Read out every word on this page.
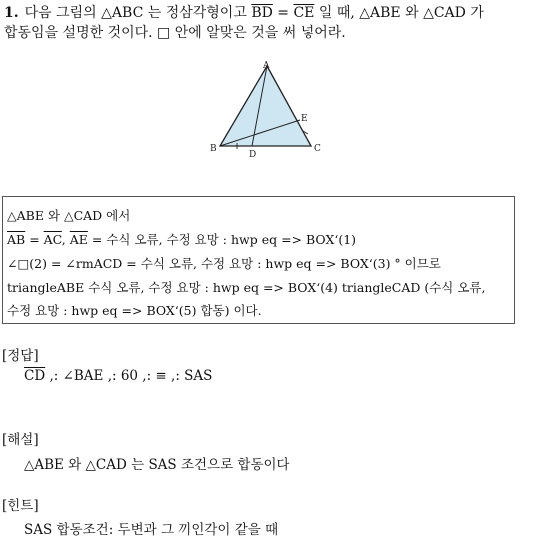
1. 다음 그림의 △ABC 는 정삼각형이고 $\overline{BD} = \overline{CE}$ 일 때, △ABE 와 △CAD 가
합동임을 설명한 것이다. □ 안에 알맞은 것을 써 넣어라.
A
B	C
D
E
△ABE 와 △CAD 에서
$\overline{AB} = \overline{AC}$, $\overline{AE}$ = 수식 오류, 수정 요망 : hwp eq => BOX‘(1)
∠□(2) = ∠rmACD = 수식 오류, 수정 요망 : hwp eq => BOX‘(3) ° 이므로
triangleABE 수식 오류, 수정 요망 : hwp eq => BOX‘(4) triangleCAD (수식 오류,
수정 요망 : hwp eq => BOX‘(5) 합동) 이다.
[정답]
$\overline{CD}$ ,: ∠BAE ,: 60 ,: ≡ ,: SAS
[해설]
△ABE 와 △CAD 는 SAS 조건으로 합동이다
[힌트]
SAS 합동조건: 두변과 그 끼인각이 같을 때
